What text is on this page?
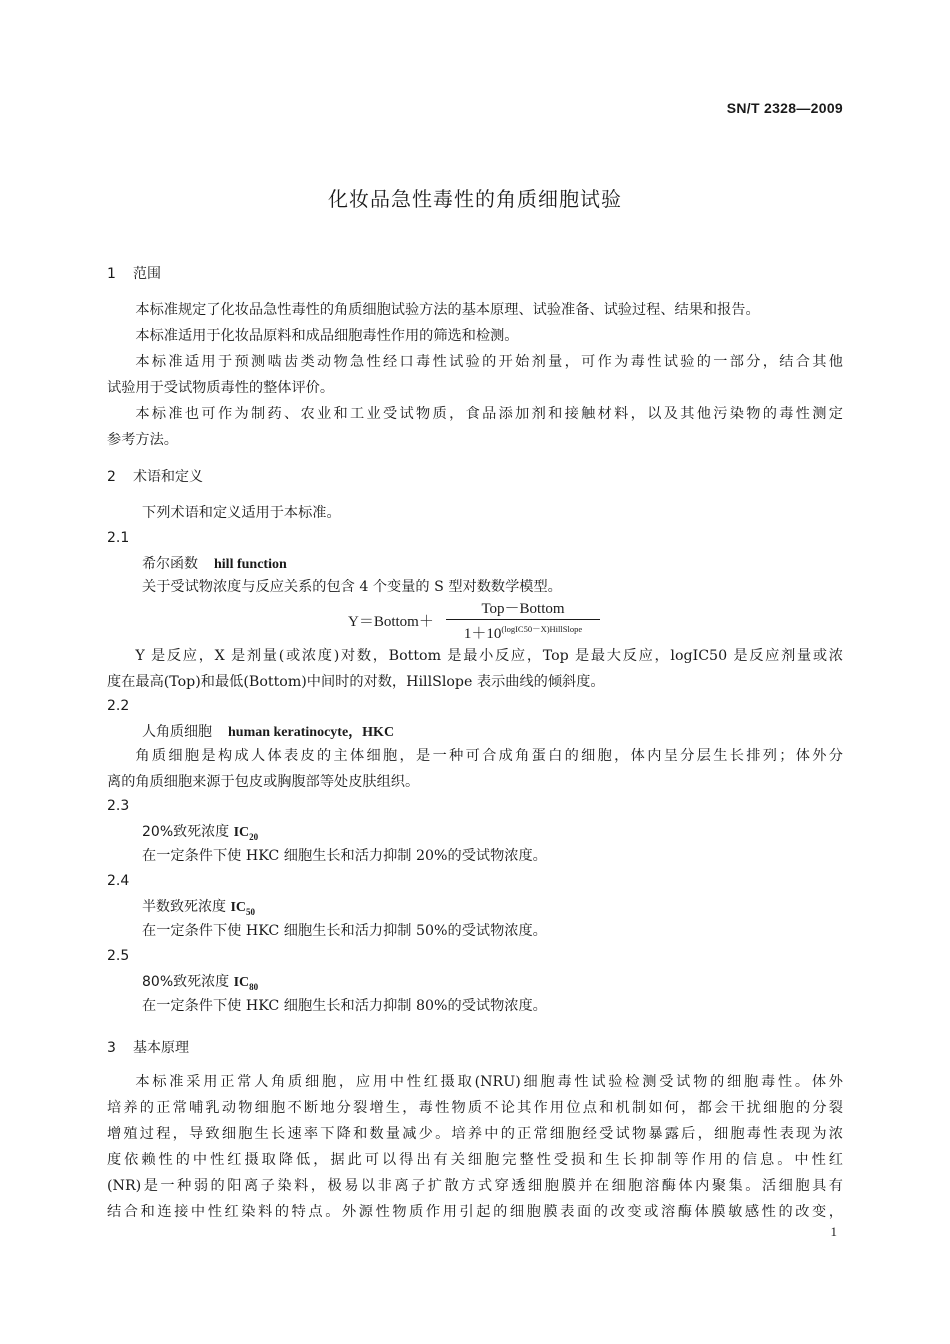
SN/T 2328—2009
化妆品急性毒性的角质细胞试验
1 范围
本标准规定了化妆品急性毒性的角质细胞试验方法的基本原理、试验准备、试验过程、结果和报告。
本标准适用于化妆品原料和成品细胞毒性作用的筛选和检测。
本标准适用于预测啮齿类动物急性经口毒性试验的开始剂量，可作为毒性试验的一部分，结合其他
试验用于受试物质毒性的整体评价。
本标准也可作为制药、农业和工业受试物质，食品添加剂和接触材料，以及其他污染物的毒性测定
参考方法。
2 术语和定义
下列术语和定义适用于本标准。
2.1
希尔函数 hill function
关于受试物浓度与反应关系的包含 4 个变量的 S 型对数数学模型。
Y＝Bottom＋
Top－Bottom
$1+10^{(logIC50-X)HillSlope}$
Y 是反应，X 是剂量(或浓度)对数，Bottom 是最小反应，Top 是最大反应，logIC50 是反应剂量或浓
度在最高(Top)和最低(Bottom)中间时的对数，HillSlope 表示曲线的倾斜度。
2.2
人角质细胞 human keratinocyte，HKC
角质细胞是构成人体表皮的主体细胞，是一种可合成角蛋白的细胞，体内呈分层生长排列；体外分
离的角质细胞来源于包皮或胸腹部等处皮肤组织。
2.3
20%致死浓度 $IC_{20}$
在一定条件下使 HKC 细胞生长和活力抑制 20%的受试物浓度。
2.4
半数致死浓度 $IC_{50}$
在一定条件下使 HKC 细胞生长和活力抑制 50%的受试物浓度。
2.5
80%致死浓度 $IC_{80}$
在一定条件下使 HKC 细胞生长和活力抑制 80%的受试物浓度。
3 基本原理
本标准采用正常人角质细胞，应用中性红摄取(NRU)细胞毒性试验检测受试物的细胞毒性。体外
培养的正常哺乳动物细胞不断地分裂增生，毒性物质不论其作用位点和机制如何，都会干扰细胞的分裂
增殖过程，导致细胞生长速率下降和数量减少。培养中的正常细胞经受试物暴露后，细胞毒性表现为浓
度依赖性的中性红摄取降低，据此可以得出有关细胞完整性受损和生长抑制等作用的信息。中性红
(NR)是一种弱的阳离子染料，极易以非离子扩散方式穿透细胞膜并在细胞溶酶体内聚集。活细胞具有
结合和连接中性红染料的特点。外源性物质作用引起的细胞膜表面的改变或溶酶体膜敏感性的改变，
1
